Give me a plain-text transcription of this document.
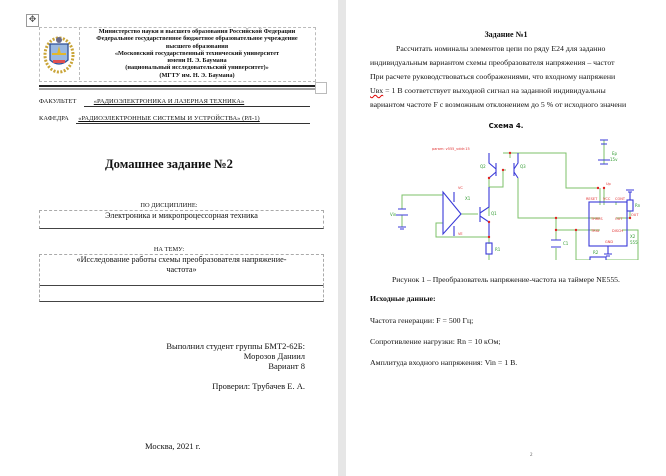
✥
Министерство науки и высшего образования Российской Федерации
Федеральное государственное бюджетное образовательное учреждение
высшего образования
«Московский государственный технический университет
имени Н. Э. Баумана
(национальный исследовательский университет)»
(МГТУ им. Н. Э. Баумана)
ФАКУЛЬТЕТ	«РАДИОЭЛЕКТРОНИКА И ЛАЗЕРНАЯ ТЕХНИКА»
КАФЕДРА «РАДИОЭЛЕКТРОННЫЕ СИСТЕМЫ И УСТРОЙСТВА» (РЛ-1)
Домашнее задание №2
ПО ДИСЦИПЛИНЕ:
Электроника и микропроцессорная техника
НА ТЕМУ:
«Исследование работы схемы преобразователя напряжение-
частота»
Выполнил студент группы БМТ2-62Б:
Морозов Даниил
Вариант 8
Проверил: Трубачев Е. А.
Москва, 2021 г.
Задание №1
Рассчитать номиналы элементов цепи по ряду Е24 для заданно
индивидуальным вариантом схемы преобразователя напряжения – частот
При расчете руководствоваться соображениями, что входному напряжени
Uвх = 1 В соответствует выходной сигнал на заданной индивидуальны
вариантом частоте F с возможным отклонением до 5 % от исходного значени
Схема 4.
param: v555_vddr:15
VC
VE
Up
RESET VCC CONT
THRES
TRIG
OUT
DISCH
GND
OUT
Q2	Q3
X1
Q1
Vin
R1
C1
R2
Ep
15v
Rn
X2
555
Рисунок 1 – Преобразователь напряжение-частота на таймере NE555.
Исходные данные:
Частота генерации: F = 500 Гц;
Сопротивление нагрузки: Rn = 10 кОм;
Амплитуда входного напряжения: Vin = 1 В.
2
